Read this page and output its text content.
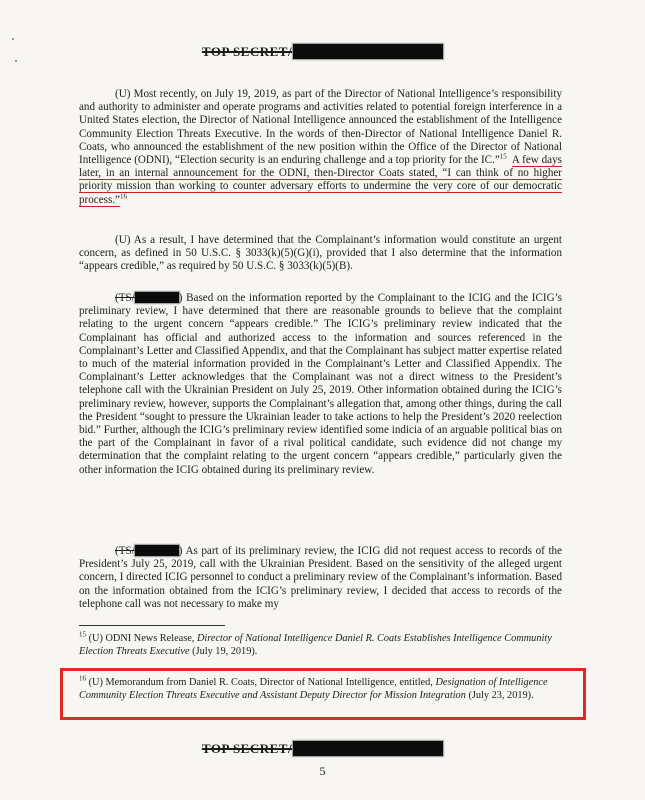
TOP SECRET/
(U) Most recently, on July 19, 2019, as part of the Director of National Intelligence’s responsibility and authority to administer and operate programs and activities related to potential foreign interference in a United States election, the Director of National Intelligence announced the establishment of the Intelligence Community Election Threats Executive. In the words of then-Director of National Intelligence Daniel R. Coats, who announced the establishment of the new position within the Office of the Director of National Intelligence (ODNI), “Election security is an enduring challenge and a top priority for the IC.”$^{15}$ A few days later, in an internal announcement for the ODNI, then-Director Coats stated, “I can think of no higher priority mission than working to counter adversary efforts to undermine the very core of our democratic process.”$^{16}$
(U) As a result, I have determined that the Complainant’s information would constitute an urgent concern, as defined in 50 U.S.C. § 3033(k)(5)(G)(i), provided that I also determine that the information “appears credible,” as required by 50 U.S.C. § 3033(k)(5)(B).
(TS/	) Based on the information reported by the Complainant to the ICIG and the ICIG’s preliminary review, I have determined that there are reasonable grounds to believe that the complaint relating to the urgent concern “appears credible.” The ICIG’s preliminary review indicated that the Complainant has official and authorized access to the information and sources referenced in the Complainant’s Letter and Classified Appendix, and that the Complainant has subject matter expertise related to much of the material information provided in the Complainant’s Letter and Classified Appendix. The Complainant’s Letter acknowledges that the Complainant was not a direct witness to the President’s telephone call with the Ukrainian President on July 25, 2019. Other information obtained during the ICIG’s preliminary review, however, supports the Complainant’s allegation that, among other things, during the call the President “sought to pressure the Ukrainian leader to take actions to help the President’s 2020 reelection bid.” Further, although the ICIG’s preliminary review identified some indicia of an arguable political bias on the part of the Complainant in favor of a rival political candidate, such evidence did not change my determination that the complaint relating to the urgent concern “appears credible,” particularly given the other information the ICIG obtained during its preliminary review.
(TS/	) As part of its preliminary review, the ICIG did not request access to records of the President’s July 25, 2019, call with the Ukrainian President. Based on the sensitivity of the alleged urgent concern, I directed ICIG personnel to conduct a preliminary review of the Complainant’s information. Based on the information obtained from the ICIG’s preliminary review, I decided that access to records of the telephone call was not necessary to make my
$^{15}$ (U) ODNI News Release, Director of National Intelligence Daniel R. Coats Establishes Intelligence Community Election Threats Executive (July 19, 2019).
$^{16}$ (U) Memorandum from Daniel R. Coats, Director of National Intelligence, entitled, Designation of Intelligence Community Election Threats Executive and Assistant Deputy Director for Mission Integration (July 23, 2019).
TOP SECRET/
5
